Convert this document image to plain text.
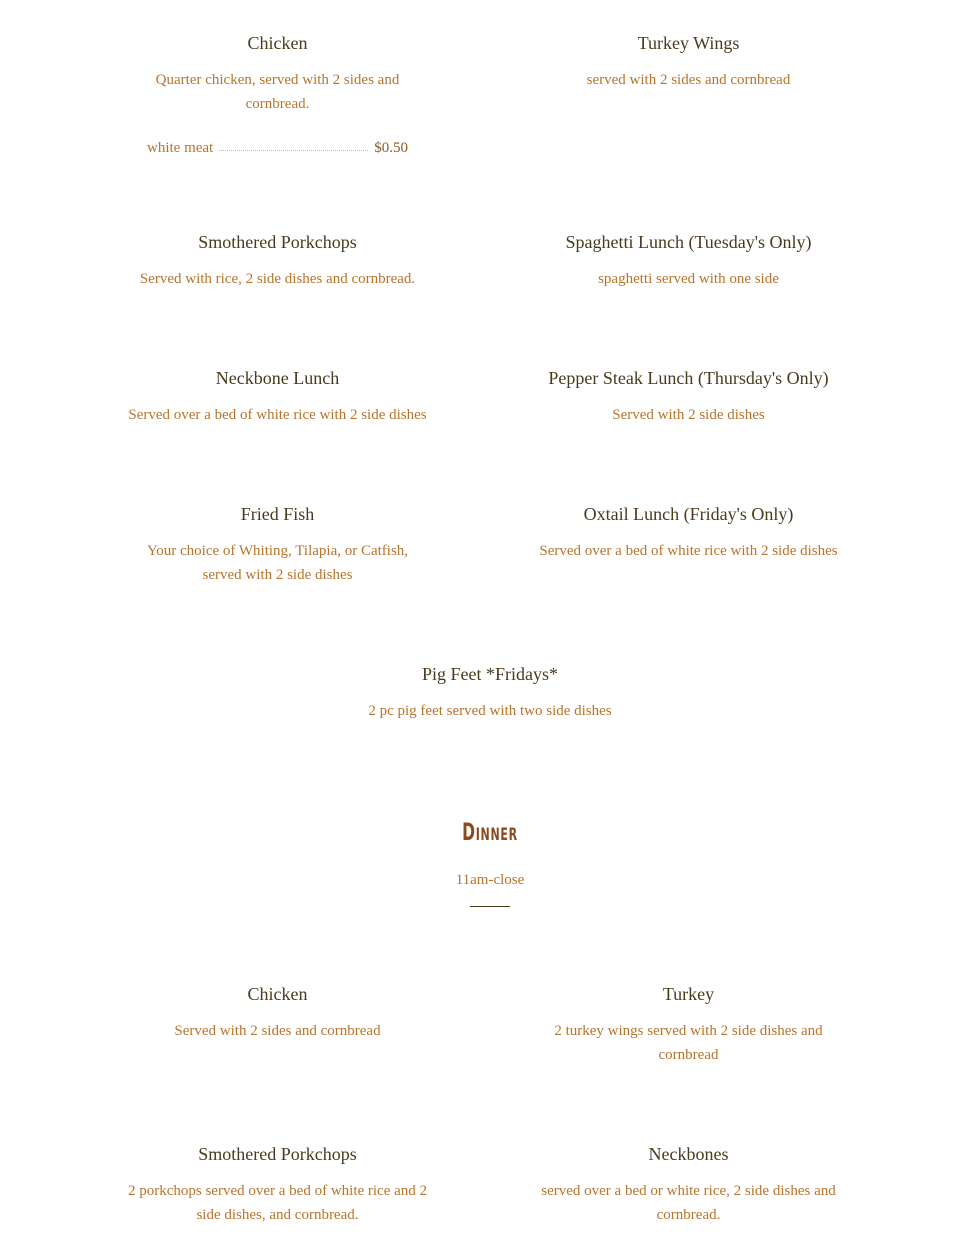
Chicken
Quarter chicken, served with 2 sides and cornbread.
white meat	$0.50
Turkey Wings
served with 2 sides and cornbread
Smothered Porkchops
Served with rice, 2 side dishes and cornbread.
Spaghetti Lunch (Tuesday's Only)
spaghetti served with one side
Neckbone Lunch
Served over a bed of white rice with 2 side dishes
Pepper Steak Lunch (Thursday's Only)
Served with 2 side dishes
Fried Fish
Your choice of Whiting, Tilapia, or Catfish, served with 2 side dishes
Oxtail Lunch (Friday's Only)
Served over a bed of white rice with 2 side dishes
Pig Feet *Fridays*
2 pc pig feet served with two side dishes
Dinner
11am-close
Chicken
Served with 2 sides and cornbread
Turkey
2 turkey wings served with 2 side dishes and cornbread
Smothered Porkchops
2 porkchops served over a bed of white rice and 2 side dishes, and cornbread.
Neckbones
served over a bed or white rice, 2 side dishes and cornbread.
